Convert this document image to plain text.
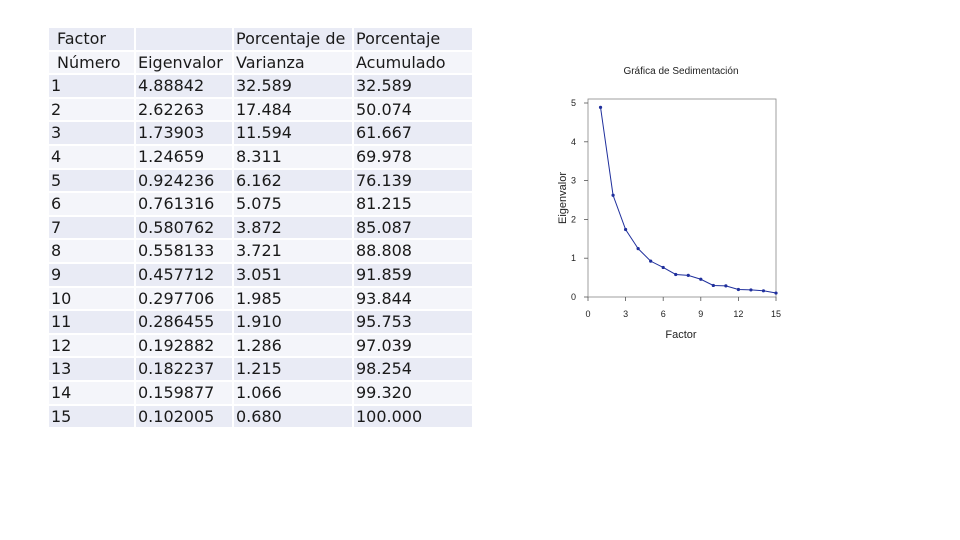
Factor		Porcentaje de	Porcentaje
Número	Eigenvalor	Varianza	Acumulado
1	4.88842	32.589	32.589
2	2.62263	17.484	50.074
3	1.73903	11.594	61.667
4	1.24659	8.311	69.978
5	0.924236	6.162	76.139
6	0.761316	5.075	81.215
7	0.580762	3.872	85.087
8	0.558133	3.721	88.808
9	0.457712	3.051	91.859
10	0.297706	1.985	93.844
11	0.286455	1.910	95.753
12	0.192882	1.286	97.039
13	0.182237	1.215	98.254
14	0.159877	1.066	99.320
15	0.102005	0.680	100.000
Gráfica de Sedimentación
Eigenvalor
Factor
0
1
2
3
4
5
0	3	6	9	12	15
